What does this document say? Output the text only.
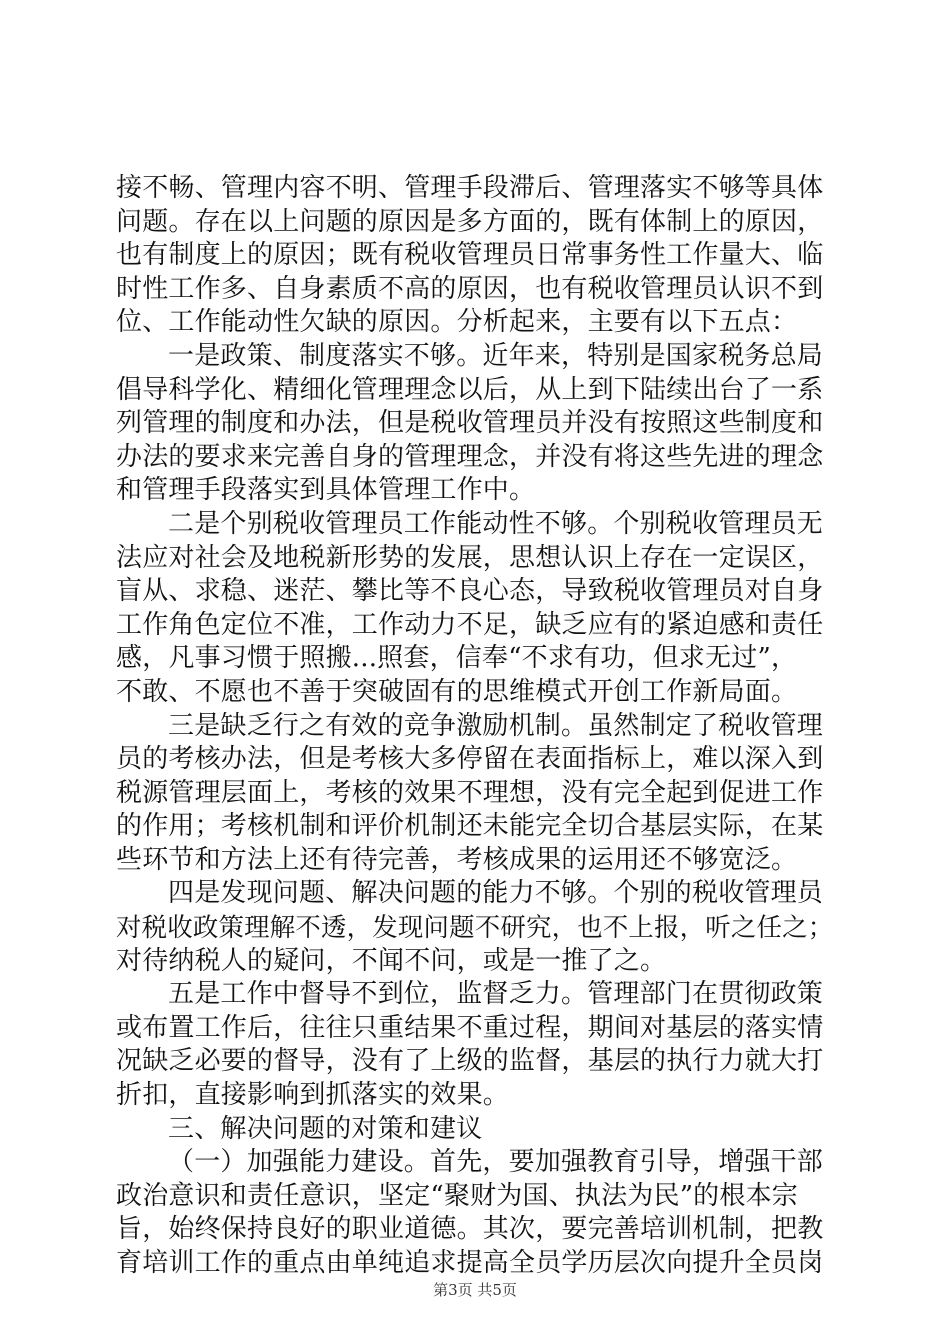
接不畅、管理内容不明、管理手段滞后、管理落实不够等具体
问题。存在以上问题的原因是多方面的，既有体制上的原因，
也有制度上的原因；既有税收管理员日常事务性工作量大、临
时性工作多、自身素质不高的原因，也有税收管理员认识不到
位、工作能动性欠缺的原因。分析起来，主要有以下五点：
一是政策、制度落实不够。近年来，特别是国家税务总局
倡导科学化、精细化管理理念以后，从上到下陆续出台了一系
列管理的制度和办法，但是税收管理员并没有按照这些制度和
办法的要求来完善自身的管理理念，并没有将这些先进的理念
和管理手段落实到具体管理工作中。
二是个别税收管理员工作能动性不够。个别税收管理员无
法应对社会及地税新形势的发展，思想认识上存在一定误区，
盲从、求稳、迷茫、攀比等不良心态，导致税收管理员对自身
工作角色定位不准，工作动力不足，缺乏应有的紧迫感和责任
感，凡事习惯于照搬...照套，信奉“不求有功，但求无过”，
不敢、不愿也不善于突破固有的思维模式开创工作新局面。
三是缺乏行之有效的竞争激励机制。虽然制定了税收管理
员的考核办法，但是考核大多停留在表面指标上，难以深入到
税源管理层面上，考核的效果不理想，没有完全起到促进工作
的作用；考核机制和评价机制还未能完全切合基层实际，在某
些环节和方法上还有待完善，考核成果的运用还不够宽泛。
四是发现问题、解决问题的能力不够。个别的税收管理员
对税收政策理解不透，发现问题不研究，也不上报，听之任之；
对待纳税人的疑问，不闻不问，或是一推了之。
五是工作中督导不到位，监督乏力。管理部门在贯彻政策
或布置工作后，往往只重结果不重过程，期间对基层的落实情
况缺乏必要的督导，没有了上级的监督，基层的执行力就大打
折扣，直接影响到抓落实的效果。
三、解决问题的对策和建议
（一）加强能力建设。首先，要加强教育引导，增强干部
政治意识和责任意识，坚定“聚财为国、执法为民”的根本宗
旨，始终保持良好的职业道德。其次，要完善培训机制，把教
育培训工作的重点由单纯追求提高全员学历层次向提升全员岗
第3页 共5页
